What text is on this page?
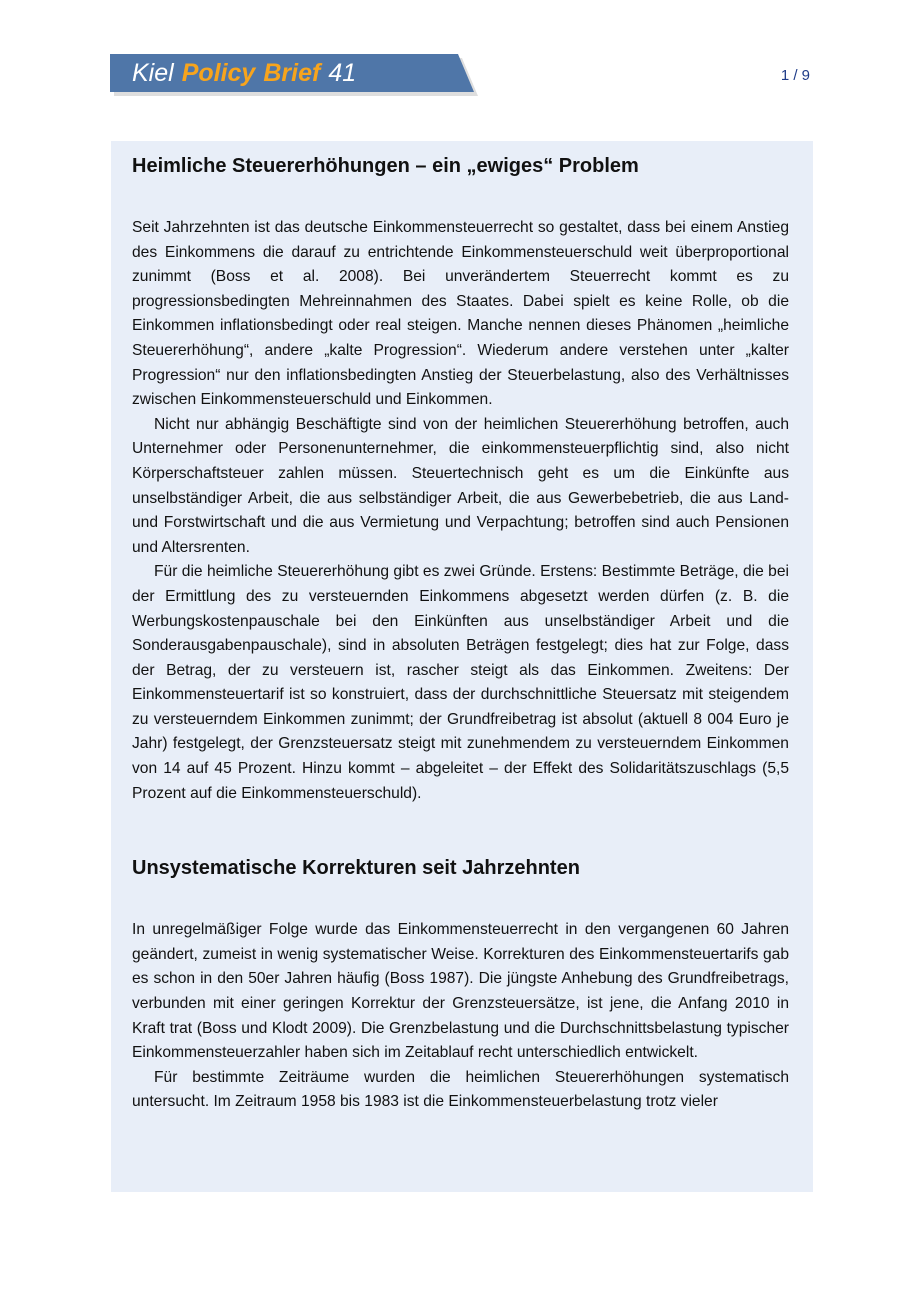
Kiel Policy Brief 41	1 / 9
Heimliche Steuererhöhungen – ein „ewiges“ Problem

Seit Jahrzehnten ist das deutsche Einkommensteuerrecht so gestaltet, dass bei einem Anstieg des Einkommens die darauf zu entrichtende Einkommensteuerschuld weit überproportional zunimmt (Boss et al. 2008). Bei unverändertem Steuerrecht kommt es zu progressionsbedingten Mehreinnahmen des Staates. Dabei spielt es keine Rolle, ob die Einkommen inflationsbedingt oder real steigen. Manche nennen dieses Phänomen „heimliche Steuererhöhung“, andere „kalte Progression“. Wiederum andere verstehen unter „kalter Progression“ nur den inflationsbedingten Anstieg der Steuerbelastung, also des Verhältnisses zwischen Einkommensteuerschuld und Einkommen.

Nicht nur abhängig Beschäftigte sind von der heimlichen Steuererhöhung betroffen, auch Unternehmer oder Personenunternehmer, die einkommensteuerpflichtig sind, also nicht Körperschaftsteuer zahlen müssen. Steuertechnisch geht es um die Einkünfte aus unselbständiger Arbeit, die aus selbständiger Arbeit, die aus Gewerbebetrieb, die aus Land- und Forstwirtschaft und die aus Vermietung und Verpachtung; betroffen sind auch Pensionen und Altersrenten.

Für die heimliche Steuererhöhung gibt es zwei Gründe. Erstens: Bestimmte Beträge, die bei der Ermittlung des zu versteuernden Einkommens abgesetzt werden dürfen (z. B. die Werbungskostenpauschale bei den Einkünften aus unselbständiger Arbeit und die Sonderausgabenpauschale), sind in absoluten Beträgen festgelegt; dies hat zur Folge, dass der Betrag, der zu versteuern ist, rascher steigt als das Einkommen. Zweitens: Der Einkommensteuertarif ist so konstruiert, dass der durchschnittliche Steuersatz mit steigendem zu versteuerndem Einkommen zunimmt; der Grundfreibetrag ist absolut (aktuell 8 004 Euro je Jahr) festgelegt, der Grenzsteuersatz steigt mit zunehmendem zu versteuerndem Einkommen von 14 auf 45 Prozent. Hinzu kommt – abgeleitet – der Effekt des Solidaritätszuschlags (5,5 Prozent auf die Einkommensteuerschuld).

Unsystematische Korrekturen seit Jahrzehnten

In unregelmäßiger Folge wurde das Einkommensteuerrecht in den vergangenen 60 Jahren geändert, zumeist in wenig systematischer Weise. Korrekturen des Einkommensteuertarifs gab es schon in den 50er Jahren häufig (Boss 1987). Die jüngste Anhebung des Grundfreibetrags, verbunden mit einer geringen Korrektur der Grenzsteuersätze, ist jene, die Anfang 2010 in Kraft trat (Boss und Klodt 2009). Die Grenzbelastung und die Durchschnittsbelastung typischer Einkommensteuerzahler haben sich im Zeitablauf recht unterschiedlich entwickelt.

Für bestimmte Zeiträume wurden die heimlichen Steuererhöhungen systematisch untersucht. Im Zeitraum 1958 bis 1983 ist die Einkommensteuerbelastung trotz vieler
